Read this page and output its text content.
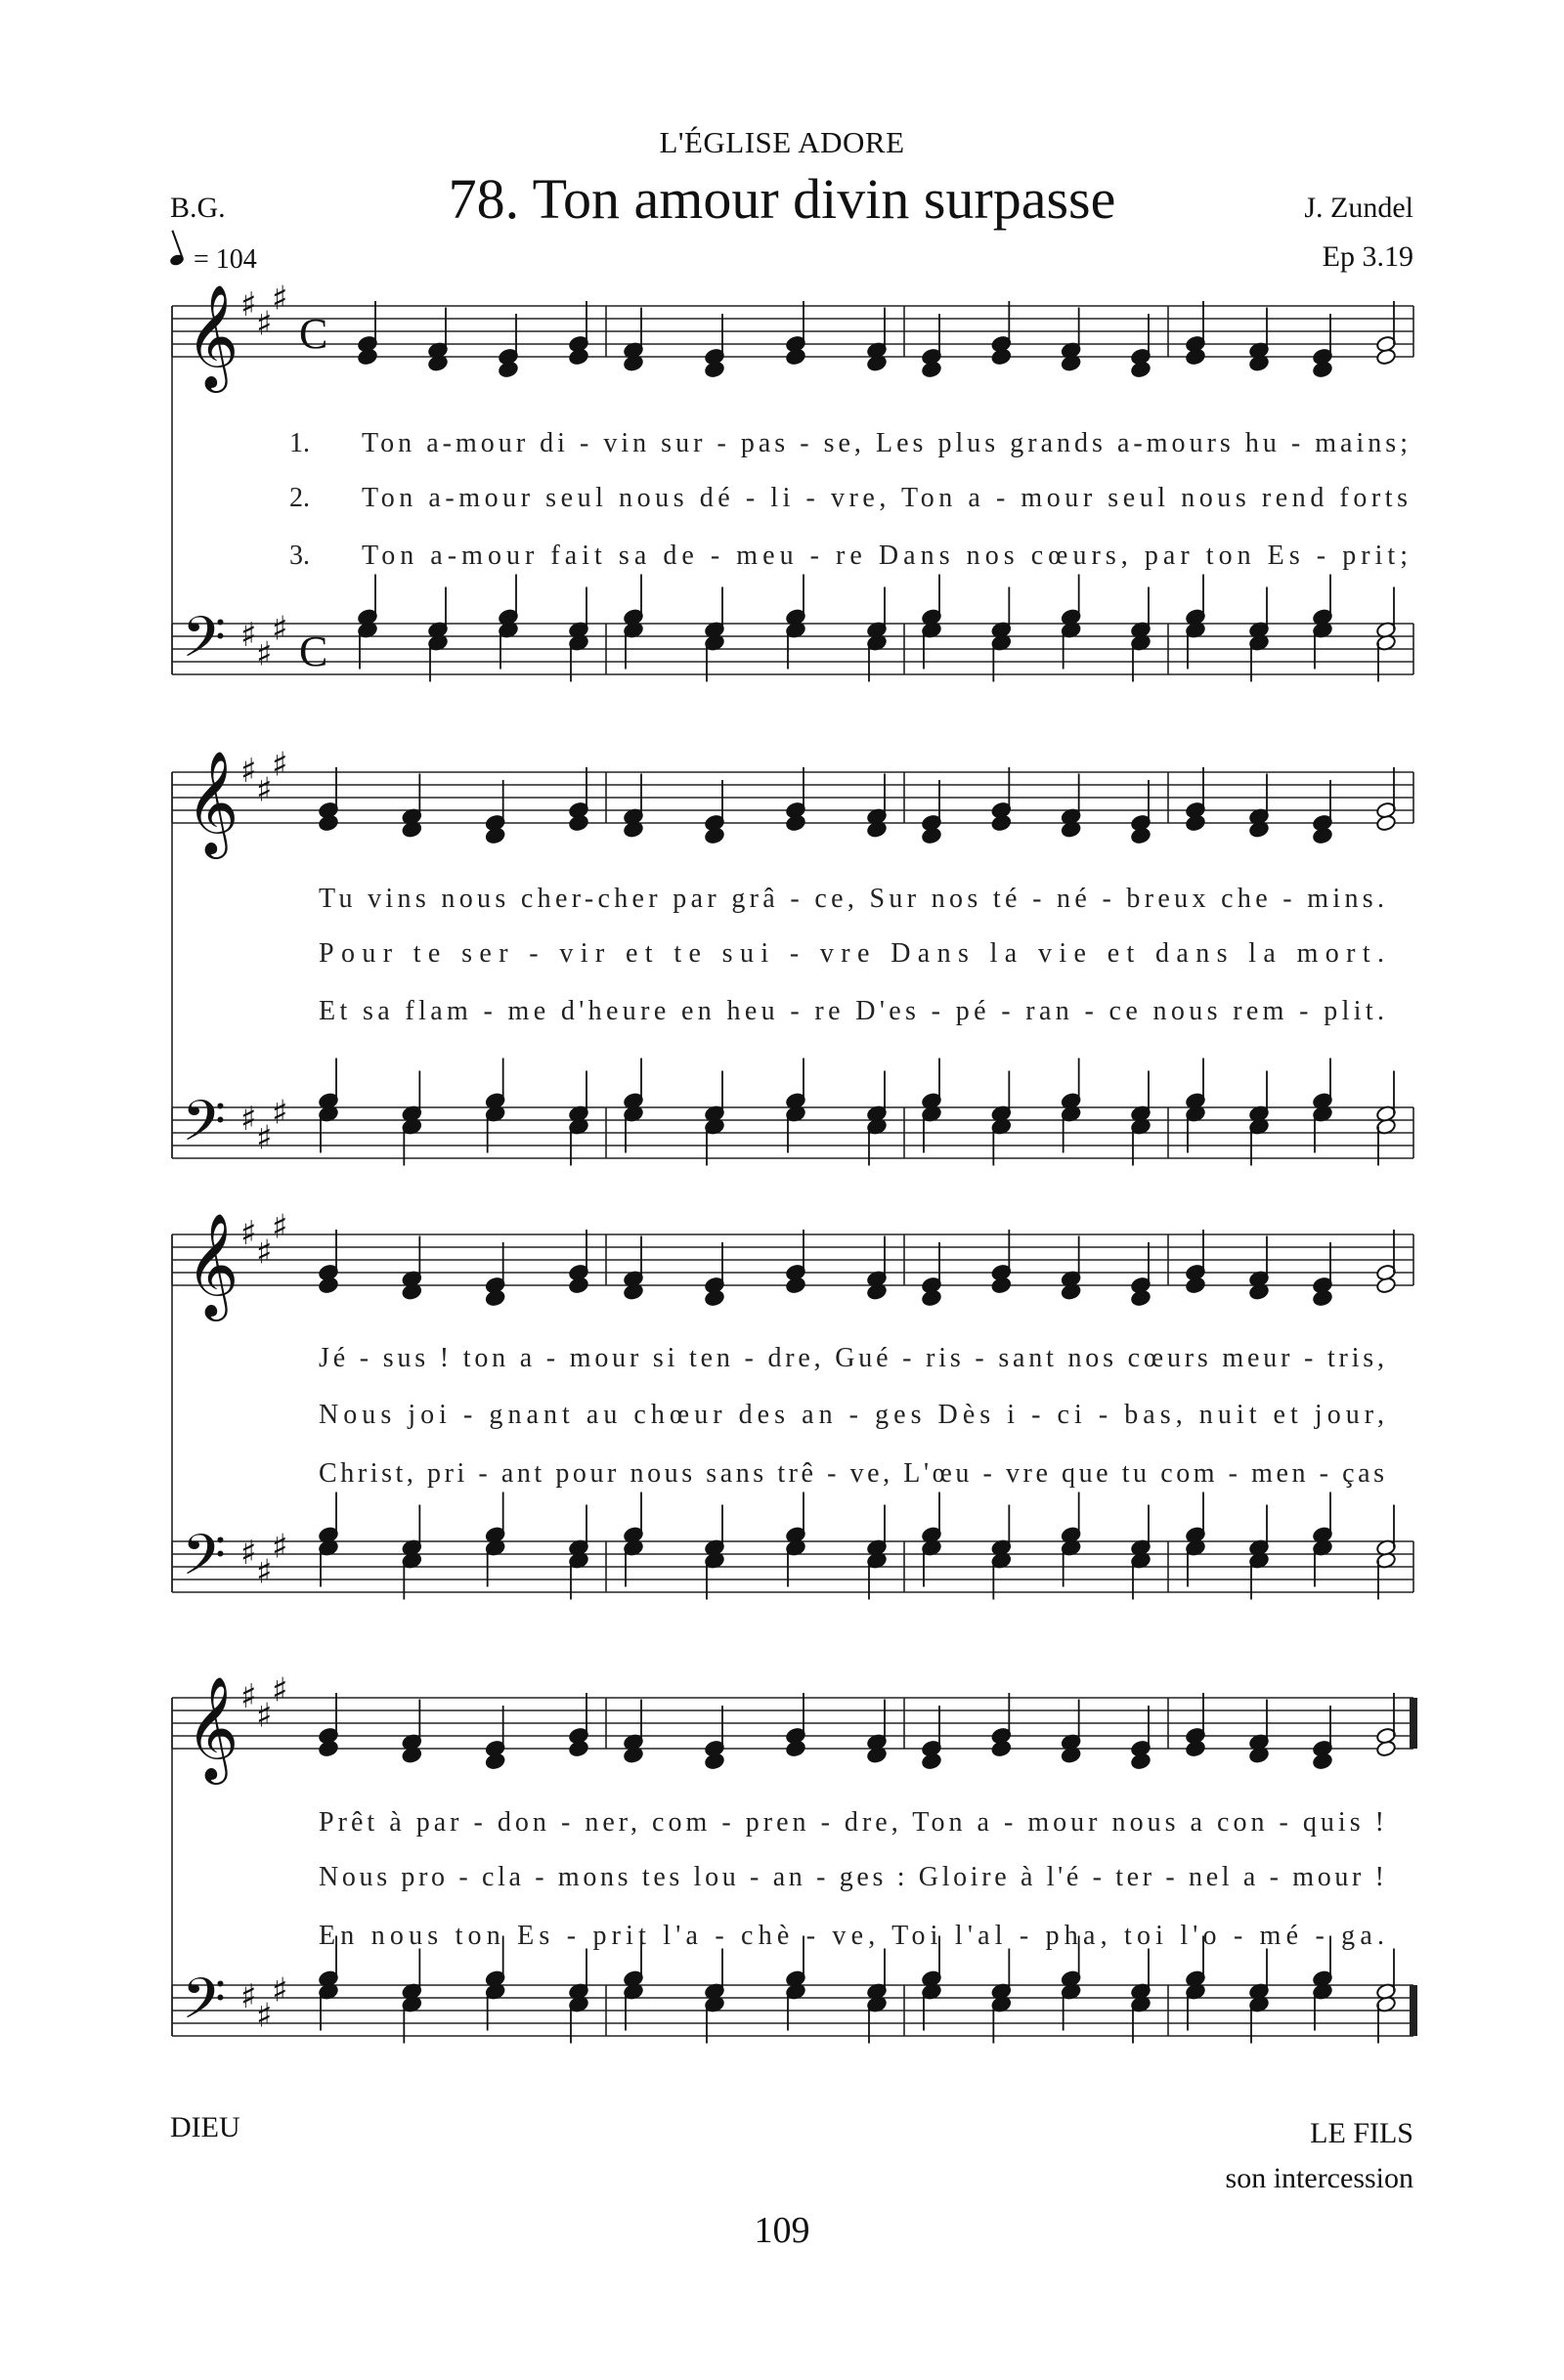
L'ÉGLISE ADORE
78. Ton amour divin surpasse
B.G.
= 104
J. Zundel
Ep 3.19
𝄞 ♯ ♯
♯
C
𝄢 ♯ ♯
♯ C
Ton a-mour di - vin sur - pas - se, Les plus grands a-mours hu - mains;
1.
Ton a-mour seul nous dé - li - vre, Ton a - mour seul nous rend forts
2.
Ton a-mour fait sa de - meu - re Dans nos cœurs, par ton Es - prit;
3.
𝄞 ♯ ♯
♯
𝄢 ♯ ♯
♯
Tu vins nous cher-cher par grâ - ce, Sur nos té - né - breux che - mins.
Pour te ser - vir et te sui - vre Dans la vie et dans la mort.
Et sa flam - me d'heure en heu - re D'es - pé - ran - ce nous rem - plit.
𝄞 ♯ ♯
♯
𝄢 ♯ ♯
♯
Jé - sus ! ton a - mour si ten - dre, Gué - ris - sant nos cœurs meur - tris,
Nous joi - gnant au chœur des an - ges Dès i - ci - bas, nuit et jour,
Christ, pri - ant pour nous sans trê - ve, L'œu - vre que tu com - men - ças
𝄞 ♯ ♯
♯
𝄢 ♯ ♯
♯
Prêt à par - don - ner, com - pren - dre, Ton a - mour nous a con - quis !
Nous pro - cla - mons tes lou - an - ges : Gloire à l'é - ter - nel a - mour !
En nous ton Es - prit l'a - chè - ve, Toi l'al - pha, toi l'o - mé - ga.
DIEU	LE FILS
son intercession
109
